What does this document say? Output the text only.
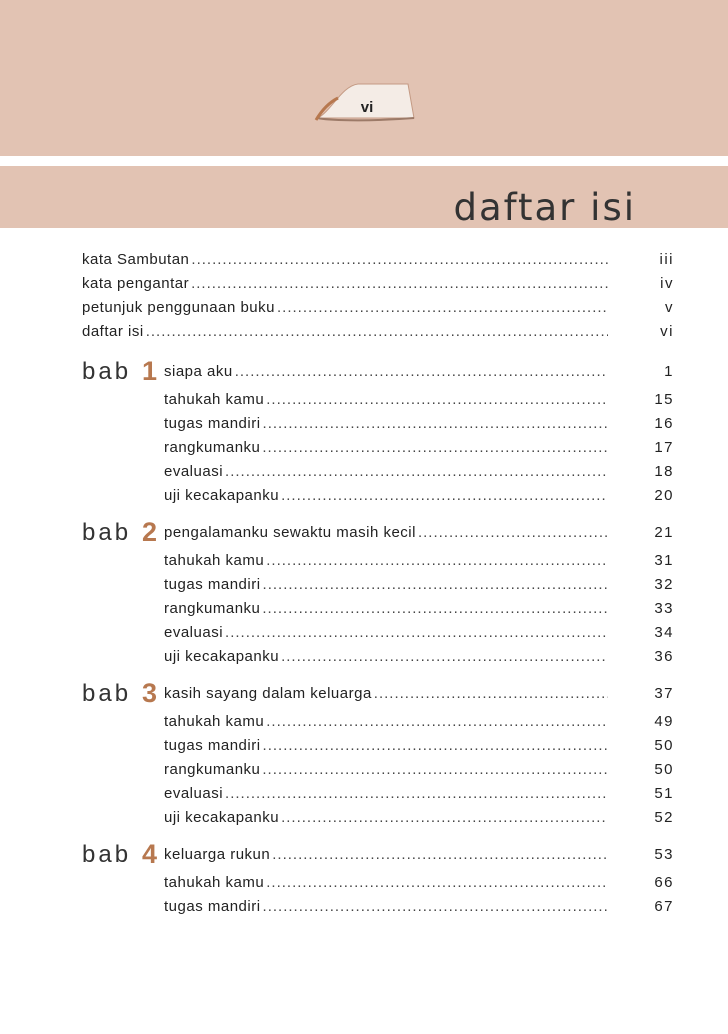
vi
daftar isi
kata Sambutan .....	iii
kata pengantar .....	iv
petunjuk penggunaan buku .....	v
daftar isi .....	vi
bab 1 siapa aku .....	1
tahukah kamu .....	15
tugas mandiri .....	16
rangkumanku .....	17
evaluasi .....	18
uji kecakapanku .....	20
bab 2 pengalamanku sewaktu masih kecil .....	21
tahukah kamu .....	31
tugas mandiri .....	32
rangkumanku .....	33
evaluasi .....	34
uji kecakapanku .....	36
bab 3 kasih sayang dalam keluarga .....	37
tahukah kamu .....	49
tugas mandiri .....	50
rangkumanku .....	50
evaluasi .....	51
uji kecakapanku .....	52
bab 4 keluarga rukun .....	53
tahukah kamu .....	66
tugas mandiri .....	67
